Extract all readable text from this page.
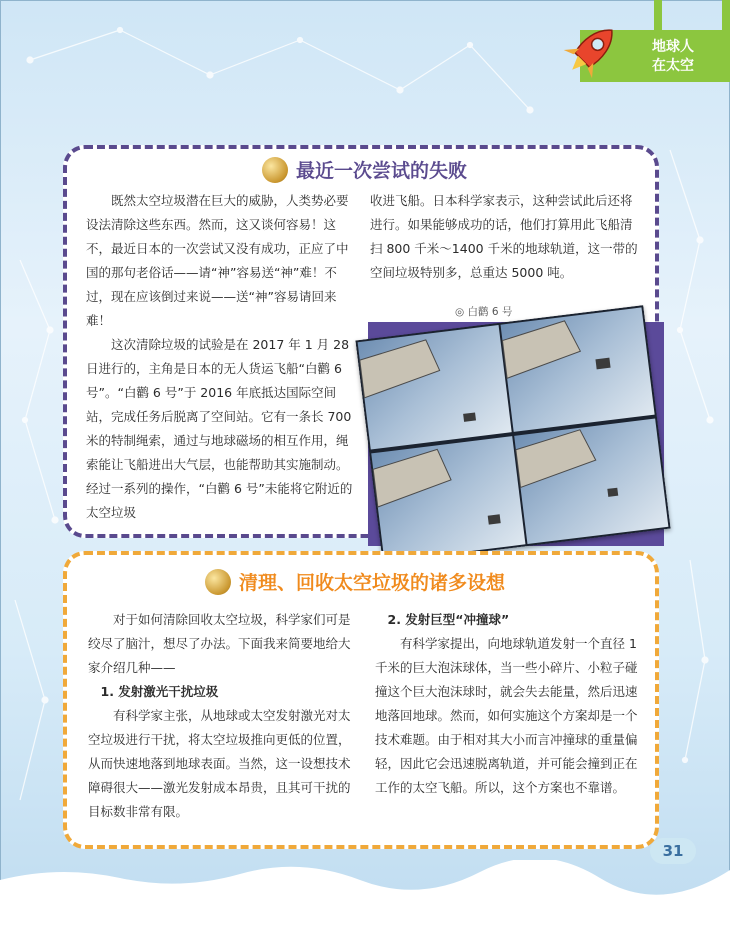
地球人
在太空
最近一次尝试的失败

既然太空垃圾潜在巨大的威胁，人类势必要设法清除这些东西。然而，这又谈何容易！这不，最近日本的一次尝试又没有成功，正应了中国的那句老俗话——请“神”容易送“神”难！不过，现在应该倒过来说——送“神”容易请回来难！

这次清除垃圾的试验是在 2017 年 1 月 28 日进行的，主角是日本的无人货运飞船“白鹳 6 号”。“白鹳 6 号”于 2016 年底抵达国际空间站，完成任务后脱离了空间站。它有一条长 700 米的特制绳索，通过与地球磁场的相互作用，绳索能让飞船进出大气层，也能帮助其实施制动。经过一系列的操作，“白鹳 6 号”未能将它附近的太空垃圾

收进飞船。日本科学家表示，这种尝试此后还将进行。如果能够成功的话，他们打算用此飞船清扫 800 千米～1400 千米的地球轨道，这一带的空间垃圾特别多，总重达 5000 吨。

◎ 白鹳 6 号
清理、回收太空垃圾的诸多设想

对于如何清除回收太空垃圾，科学家们可是绞尽了脑汁，想尽了办法。下面我来简要地给大家介绍几种——

1. 发射激光干扰垃圾

有科学家主张，从地球或太空发射激光对太空垃圾进行干扰，将太空垃圾推向更低的位置，从而快速地落到地球表面。当然，这一设想技术障碍很大——激光发射成本昂贵，且其可干扰的目标数非常有限。

2. 发射巨型“冲撞球”

有科学家提出，向地球轨道发射一个直径 1 千米的巨大泡沫球体，当一些小碎片、小粒子碰撞这个巨大泡沫球时，就会失去能量，然后迅速地落回地球。然而，如何实施这个方案却是一个技术难题。由于相对其大小而言冲撞球的重量偏轻，因此它会迅速脱离轨道，并可能会撞到正在工作的太空飞船。所以，这个方案也不靠谱。

31
